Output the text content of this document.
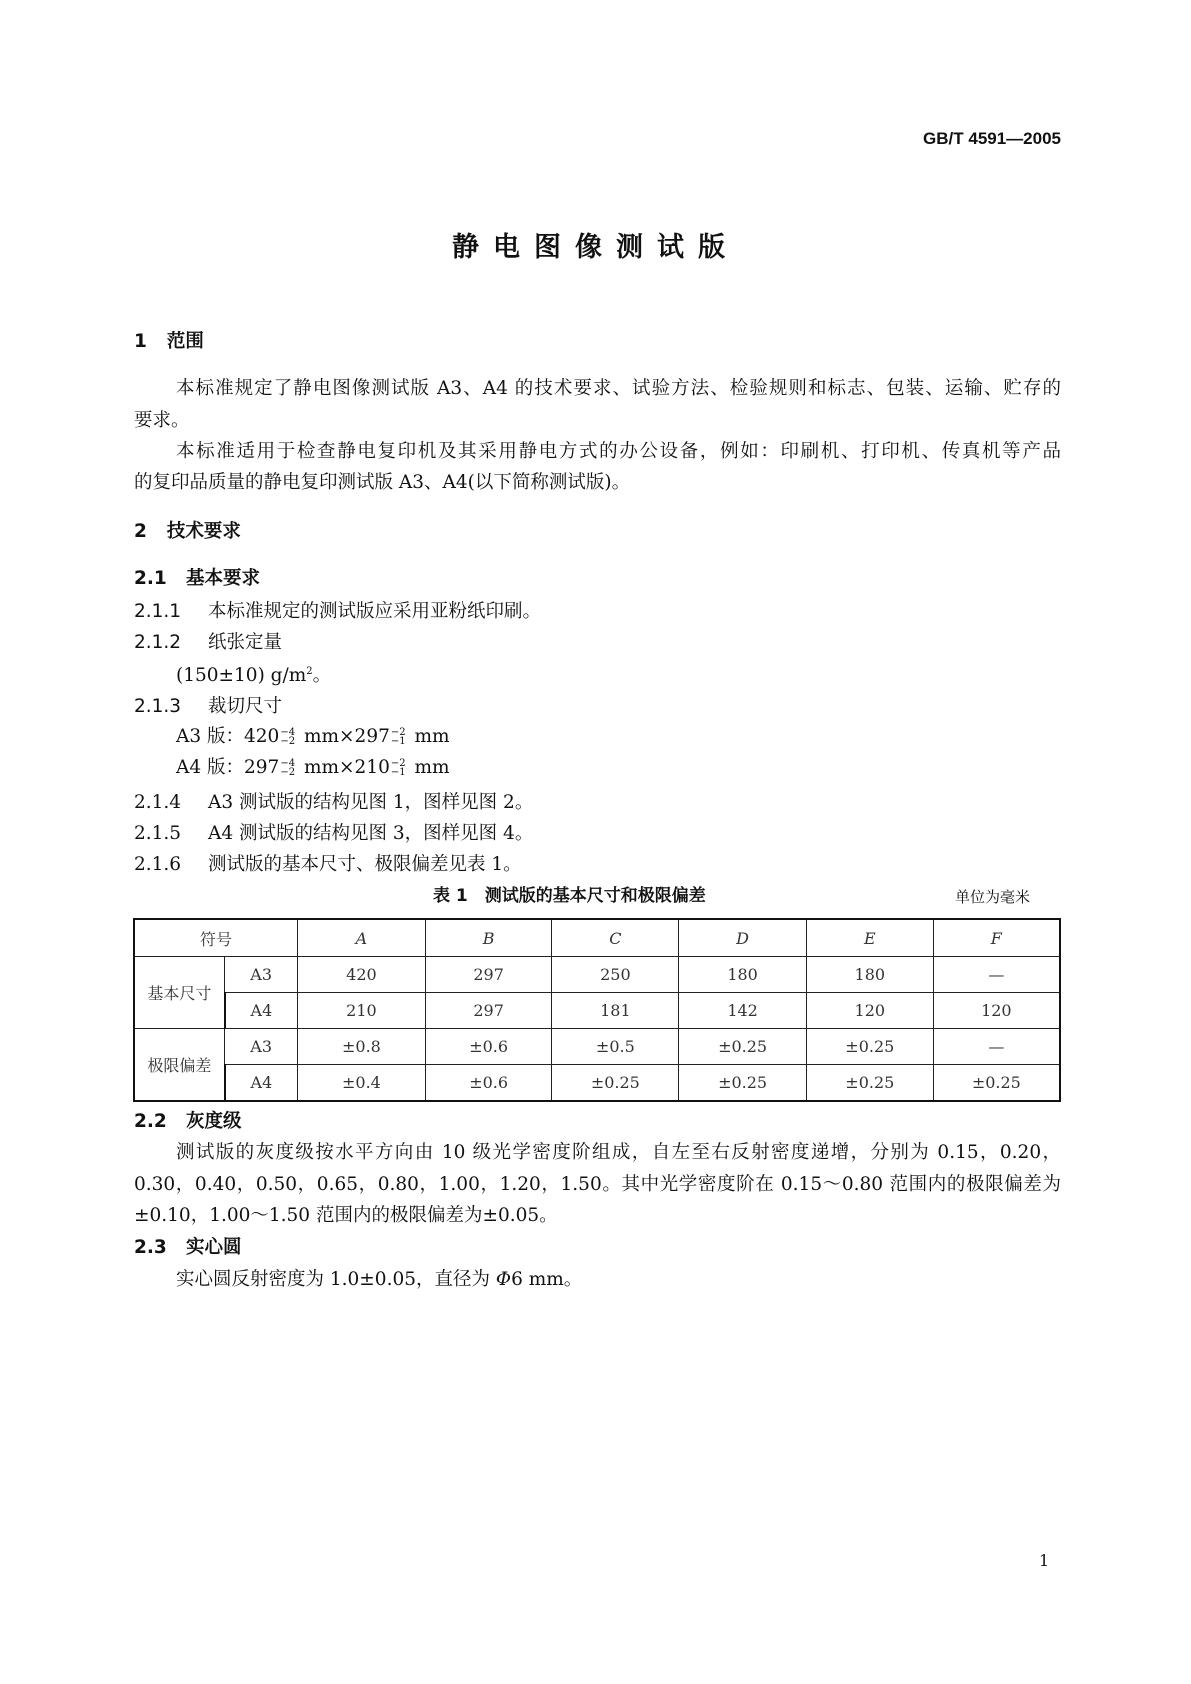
GB/T 4591—2005
静电图像测试版
1 范围
本标准规定了静电图像测试版 A3、A4 的技术要求、试验方法、检验规则和标志、包装、运输、贮存的
要求。
本标准适用于检查静电复印机及其采用静电方式的办公设备，例如：印刷机、打印机、传真机等产品
的复印品质量的静电复印测试版 A3、A4(以下简称测试版)。
2 技术要求
2.1 基本要求
2.1.1 本标准规定的测试版应采用亚粉纸印刷。
2.1.2 纸张定量
(150±10) $g/m^2$。
2.1.3 裁切尺寸
A3 版：420 −4
−2 mm×297 −2
−1 mm
A4 版：297 −4
−2 mm×210 −2
−1 mm
2.1.4 A3 测试版的结构见图 1，图样见图 2。
2.1.5 A4 测试版的结构见图 3，图样见图 4。
2.1.6 测试版的基本尺寸、极限偏差见表 1。
表 1　测试版的基本尺寸和极限偏差	单位为毫米
符号		A	B	C	D	E	F
基本尺寸	A3	420	297	250	180	180	—
	A4	210	297	181	142	120	120
极限偏差	A3	±0.8	±0.6	±0.5	±0.25	±0.25	—
	A4	±0.4	±0.6	±0.25	±0.25	±0.25	±0.25
2.2 灰度级
测试版的灰度级按水平方向由 10 级光学密度阶组成，自左至右反射密度递增，分别为 0.15，0.20，
0.30，0.40，0.50，0.65，0.80，1.00，1.20，1.50。其中光学密度阶在 0.15～0.80 范围内的极限偏差为
±0.10，1.00～1.50 范围内的极限偏差为±0.05。
2.3 实心圆
实心圆反射密度为 1.0±0.05，直径为 Φ6 mm。
1
